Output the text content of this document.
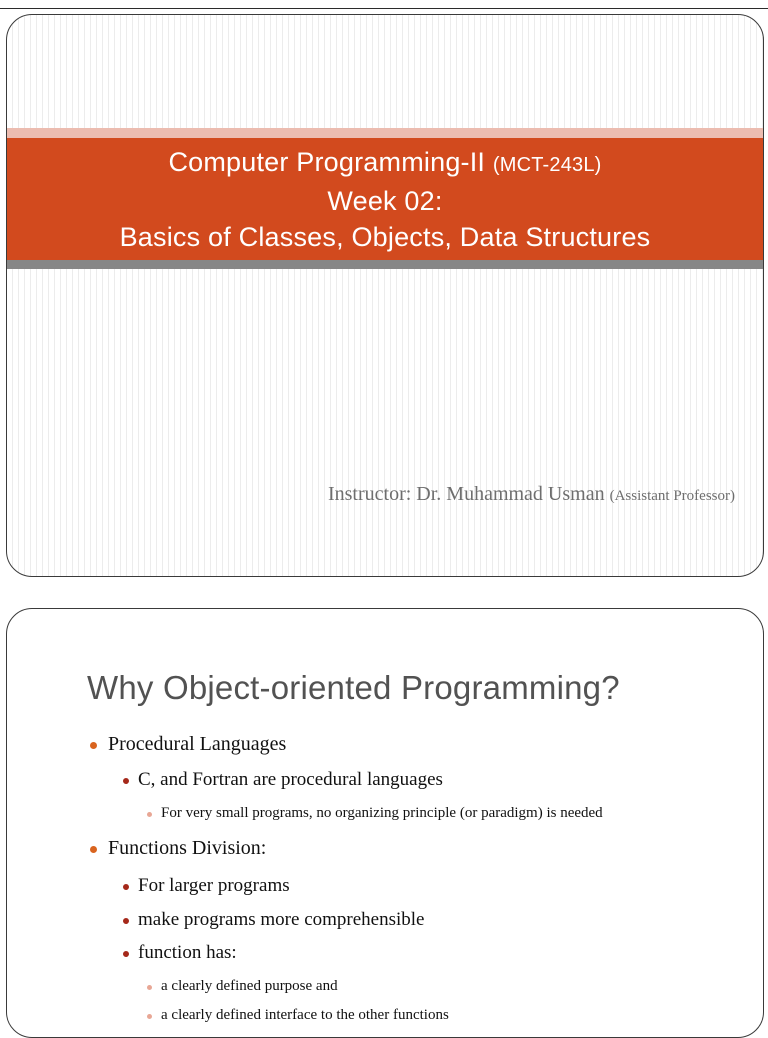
Computer Programming-II (MCT-243L)
Week 02:
Basics of Classes, Objects, Data Structures
Instructor: Dr. Muhammad Usman (Assistant Professor)
Why Object-oriented Programming?
Procedural Languages
C, and Fortran are procedural languages
For very small programs, no organizing principle (or paradigm) is needed
Functions Division:
For larger programs
make programs more comprehensible
function has:
a clearly defined purpose and
a clearly defined interface to the other functions
